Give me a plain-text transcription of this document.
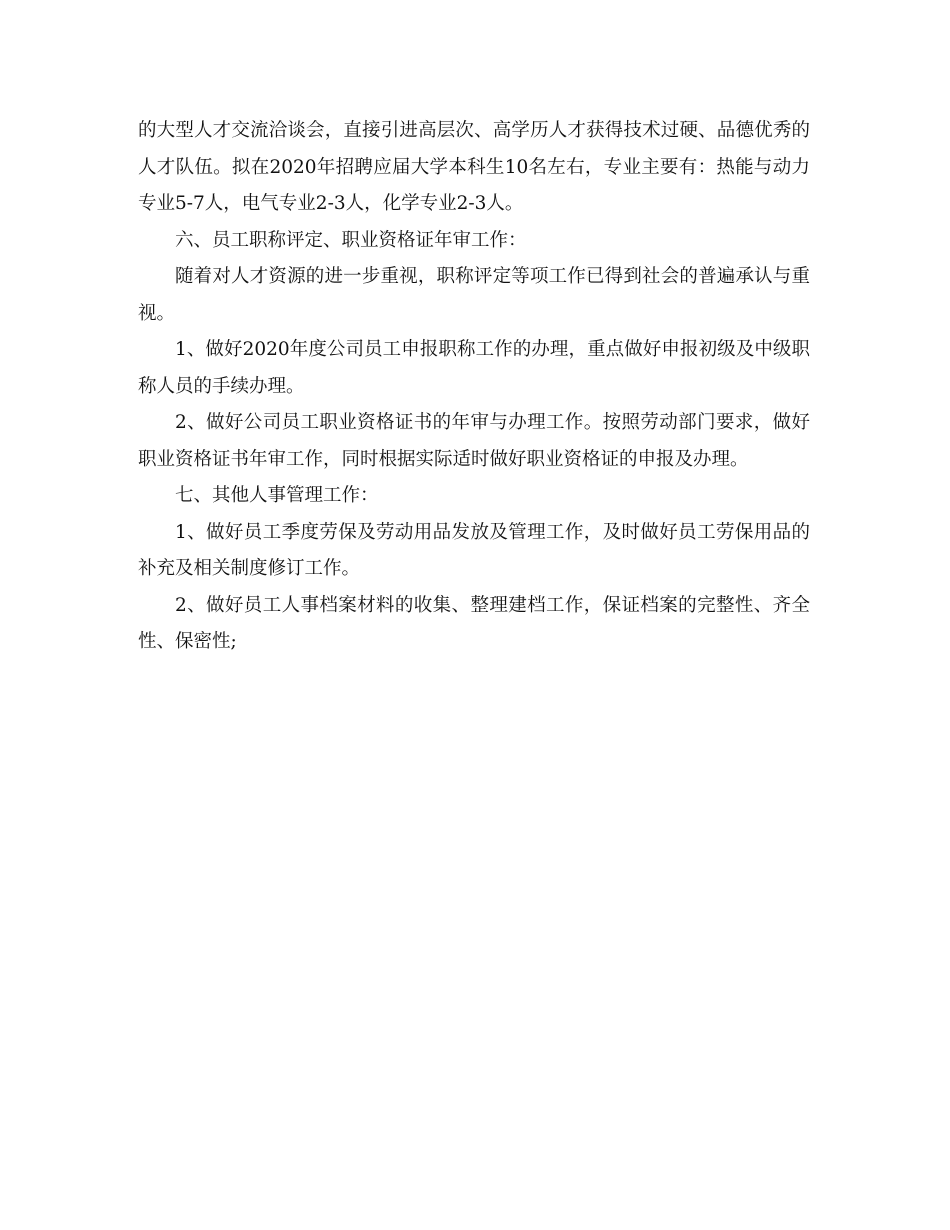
的大型人才交流洽谈会，直接引进高层次、高学历人才获得技术过硬、品德优秀的人才队伍。拟在2020年招聘应届大学本科生10名左右，专业主要有：热能与动力专业5-7人，电气专业2-3人，化学专业2-3人。

六、员工职称评定、职业资格证年审工作：

随着对人才资源的进一步重视，职称评定等项工作已得到社会的普遍承认与重视。

1、做好2020年度公司员工申报职称工作的办理，重点做好申报初级及中级职称人员的手续办理。

2、做好公司员工职业资格证书的年审与办理工作。按照劳动部门要求，做好职业资格证书年审工作，同时根据实际适时做好职业资格证的申报及办理。

七、其他人事管理工作：

1、做好员工季度劳保及劳动用品发放及管理工作，及时做好员工劳保用品的补充及相关制度修订工作。

2、做好员工人事档案材料的收集、整理建档工作，保证档案的完整性、齐全性、保密性;
